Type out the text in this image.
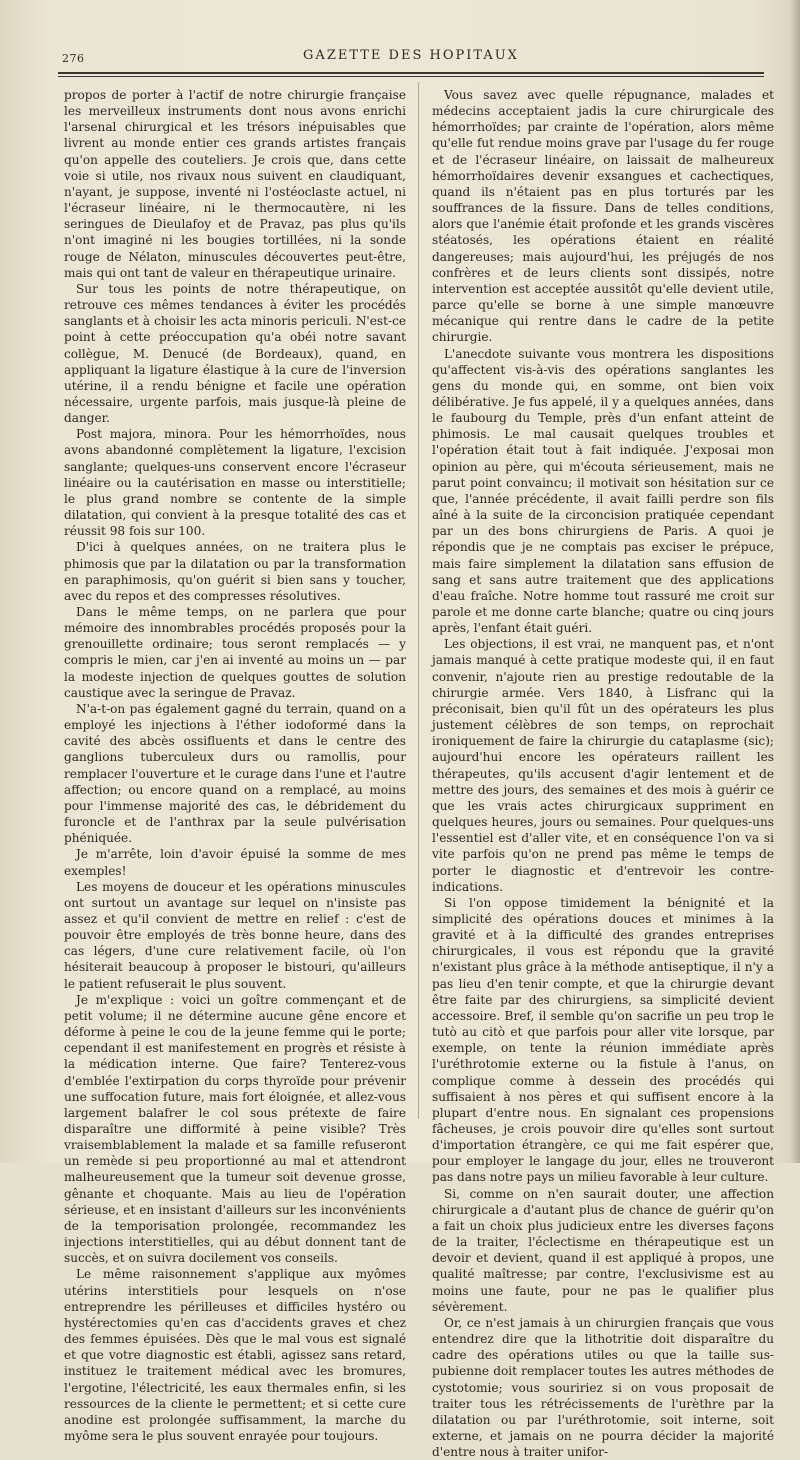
276	GAZETTE DES HOPITAUX

propos de porter à l'actif de notre chirurgie française les merveilleux instruments dont nous avons enrichi l'arsenal chirurgical et les trésors inépuisables que livrent au monde entier ces grands artistes français qu'on appelle des couteliers. Je crois que, dans cette voie si utile, nos rivaux nous suivent en claudiquant, n'ayant, je suppose, inventé ni l'ostéoclaste actuel, ni l'écraseur linéaire, ni le thermocautère, ni les seringues de Dieulafoy et de Pravaz, pas plus qu'ils n'ont imaginé ni les bougies tortillées, ni la sonde rouge de Nélaton, minuscules découvertes peut-être, mais qui ont tant de valeur en thérapeutique urinaire.

Sur tous les points de notre thérapeutique, on retrouve ces mêmes tendances à éviter les procédés sanglants et à choisir les acta minoris periculi. N'est-ce point à cette préoccupation qu'a obéi notre savant collègue, M. Denucé (de Bordeaux), quand, en appliquant la ligature élastique à la cure de l'inversion utérine, il a rendu bénigne et facile une opération nécessaire, urgente parfois, mais jusque-là pleine de danger.

Post majora, minora. Pour les hémorrhoïdes, nous avons abandonné complètement la ligature, l'excision sanglante; quelques-uns conservent encore l'écraseur linéaire ou la cautérisation en masse ou interstitielle; le plus grand nombre se contente de la simple dilatation, qui convient à la presque totalité des cas et réussit 98 fois sur 100.

D'ici à quelques années, on ne traitera plus le phimosis que par la dilatation ou par la transformation en paraphimosis, qu'on guérit si bien sans y toucher, avec du repos et des compresses résolutives.

Dans le même temps, on ne parlera que pour mémoire des innombrables procédés proposés pour la grenouillette ordinaire; tous seront remplacés — y compris le mien, car j'en ai inventé au moins un — par la modeste injection de quelques gouttes de solution caustique avec la seringue de Pravaz.

N'a-t-on pas également gagné du terrain, quand on a employé les injections à l'éther iodoformé dans la cavité des abcès ossifluents et dans le centre des ganglions tuberculeux durs ou ramollis, pour remplacer l'ouverture et le curage dans l'une et l'autre affection; ou encore quand on a remplacé, au moins pour l'immense majorité des cas, le débridement du furoncle et de l'anthrax par la seule pulvérisation phéniquée.

Je m'arrête, loin d'avoir épuisé la somme de mes exemples!

Les moyens de douceur et les opérations minuscules ont surtout un avantage sur lequel on n'insiste pas assez et qu'il convient de mettre en relief : c'est de pouvoir être employés de très bonne heure, dans des cas légers, d'une cure relativement facile, où l'on hésiterait beaucoup à proposer le bistouri, qu'ailleurs le patient refuserait le plus souvent.

Je m'explique : voici un goître commençant et de petit volume; il ne détermine aucune gêne encore et déforme à peine le cou de la jeune femme qui le porte; cependant il est manifestement en progrès et résiste à la médication interne. Que faire? Tenterez-vous d'emblée l'extirpation du corps thyroïde pour prévenir une suffocation future, mais fort éloignée, et allez-vous largement balafrer le col sous prétexte de faire disparaître une difformité à peine visible? Très vraisemblablement la malade et sa famille refuseront un remède si peu proportionné au mal et attendront malheureusement que la tumeur soit devenue grosse, gênante et choquante. Mais au lieu de l'opération sérieuse, et en insistant d'ailleurs sur les inconvénients de la temporisation prolongée, recommandez les injections interstitielles, qui au début donnent tant de succès, et on suivra docilement vos conseils.

Le même raisonnement s'applique aux myômes utérins interstitiels pour lesquels on n'ose entreprendre les périlleuses et difficiles hystéro ou hystérectomies qu'en cas d'accidents graves et chez des femmes épuisées. Dès que le mal vous est signalé et que votre diagnostic est établi, agissez sans retard, instituez le traitement médical avec les bromures, l'ergotine, l'électricité, les eaux thermales enfin, si les ressources de la cliente le permettent; et si cette cure anodine est prolongée suffisamment, la marche du myôme sera le plus souvent enrayée pour toujours.

Vous savez avec quelle répugnance, malades et médecins acceptaient jadis la cure chirurgicale des hémorrhoïdes; par crainte de l'opération, alors même qu'elle fut rendue moins grave par l'usage du fer rouge et de l'écraseur linéaire, on laissait de malheureux hémorrhoïdaires devenir exsangues et cachectiques, quand ils n'étaient pas en plus torturés par les souffrances de la fissure. Dans de telles conditions, alors que l'anémie était profonde et les grands viscères stéatosés, les opérations étaient en réalité dangereuses; mais aujourd'hui, les préjugés de nos confrères et de leurs clients sont dissipés, notre intervention est acceptée aussitôt qu'elle devient utile, parce qu'elle se borne à une simple manœuvre mécanique qui rentre dans le cadre de la petite chirurgie.

L'anecdote suivante vous montrera les dispositions qu'affectent vis-à-vis des opérations sanglantes les gens du monde qui, en somme, ont bien voix délibérative. Je fus appelé, il y a quelques années, dans le faubourg du Temple, près d'un enfant atteint de phimosis. Le mal causait quelques troubles et l'opération était tout à fait indiquée. J'exposai mon opinion au père, qui m'écouta sérieusement, mais ne parut point convaincu; il motivait son hésitation sur ce que, l'année précédente, il avait failli perdre son fils aîné à la suite de la circoncision pratiquée cependant par un des bons chirurgiens de Paris. A quoi je répondis que je ne comptais pas exciser le prépuce, mais faire simplement la dilatation sans effusion de sang et sans autre traitement que des applications d'eau fraîche. Notre homme tout rassuré me croit sur parole et me donne carte blanche; quatre ou cinq jours après, l'enfant était guéri.

Les objections, il est vrai, ne manquent pas, et n'ont jamais manqué à cette pratique modeste qui, il en faut convenir, n'ajoute rien au prestige redoutable de la chirurgie armée. Vers 1840, à Lisfranc qui la préconisait, bien qu'il fût un des opérateurs les plus justement célèbres de son temps, on reprochait ironiquement de faire la chirurgie du cataplasme (sic); aujourd'hui encore les opérateurs raillent les thérapeutes, qu'ils accusent d'agir lentement et de mettre des jours, des semaines et des mois à guérir ce que les vrais actes chirurgicaux suppriment en quelques heures, jours ou semaines. Pour quelques-uns l'essentiel est d'aller vite, et en conséquence l'on va si vite parfois qu'on ne prend pas même le temps de porter le diagnostic et d'entrevoir les contre-indications.

Si l'on oppose timidement la bénignité et la simplicité des opérations douces et minimes à la gravité et à la difficulté des grandes entreprises chirurgicales, il vous est répondu que la gravité n'existant plus grâce à la méthode antiseptique, il n'y a pas lieu d'en tenir compte, et que la chirurgie devant être faite par des chirurgiens, sa simplicité devient accessoire. Bref, il semble qu'on sacrifie un peu trop le tutò au citò et que parfois pour aller vite lorsque, par exemple, on tente la réunion immédiate après l'uréthrotomie externe ou la fistule à l'anus, on complique comme à dessein des procédés qui suffisaient à nos pères et qui suffisent encore à la plupart d'entre nous. En signalant ces propensions fâcheuses, je crois pouvoir dire qu'elles sont surtout d'importation étrangère, ce qui me fait espérer que, pour employer le langage du jour, elles ne trouveront pas dans notre pays un milieu favorable à leur culture.

Si, comme on n'en saurait douter, une affection chirurgicale a d'autant plus de chance de guérir qu'on a fait un choix plus judicieux entre les diverses façons de la traiter, l'éclectisme en thérapeutique est un devoir et devient, quand il est appliqué à propos, une qualité maîtresse; par contre, l'exclusivisme est au moins une faute, pour ne pas le qualifier plus sévèrement.

Or, ce n'est jamais à un chirurgien français que vous entendrez dire que la lithotritie doit disparaître du cadre des opérations utiles ou que la taille sus-pubienne doit remplacer toutes les autres méthodes de cystotomie; vous souririez si on vous proposait de traiter tous les rétrécissements de l'urèthre par la dilatation ou par l'uréthrotomie, soit interne, soit externe, et jamais on ne pourra décider la majorité d'entre nous à traiter unifor-
